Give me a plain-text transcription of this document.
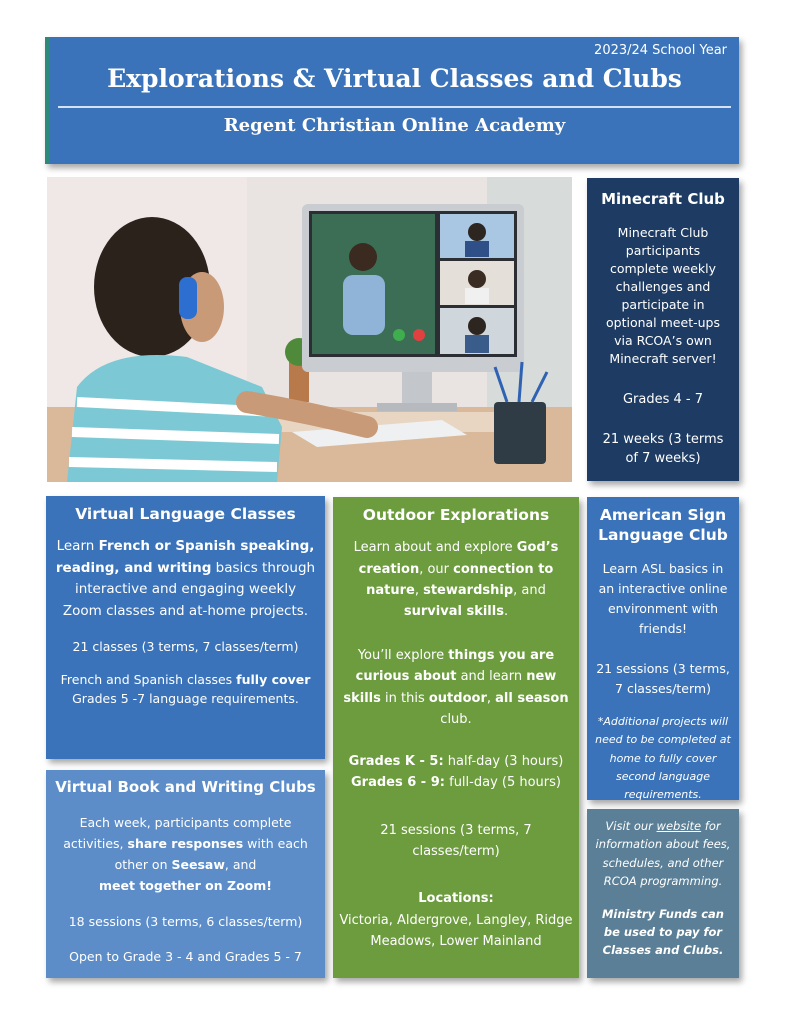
2023/24 School Year
Explorations & Virtual Classes and Clubs
Regent Christian Online Academy
Minecraft Club

Minecraft Club participants complete weekly challenges and participate in optional meet-ups via RCOA’s own Minecraft server!

Grades 4 - 7

21 weeks (3 terms of 7 weeks)

Virtual Language Classes

Learn French or Spanish speaking, reading, and writing basics through interactive and engaging weekly Zoom classes and at-home projects.

21 classes (3 terms, 7 classes/term)

French and Spanish classes fully cover Grades 5 -7 language requirements.

Virtual Book and Writing Clubs

Each week, participants complete activities, share responses with each other on Seesaw, and
meet together on Zoom!

18 sessions (3 terms, 6 classes/term)

Open to Grade 3 - 4 and Grades 5 - 7

Outdoor Explorations

Learn about and explore God’s creation, our connection to nature, stewardship, and survival skills.

You’ll explore things you are curious about and learn new skills in this outdoor, all season club.

Grades K - 5: half-day (3 hours)
Grades 6 - 9: full-day (5 hours)

21 sessions (3 terms, 7 classes/term)

Locations:

Victoria, Aldergrove, Langley, Ridge Meadows, Lower Mainland

American Sign Language Club

Learn ASL basics in an interactive online environment with friends!

21 sessions (3 terms, 7 classes/term)

*Additional projects will need to be completed at home to fully cover second language requirements.

Visit our website for information about fees, schedules, and other RCOA programming.

Ministry Funds can be used to pay for Classes and Clubs.
